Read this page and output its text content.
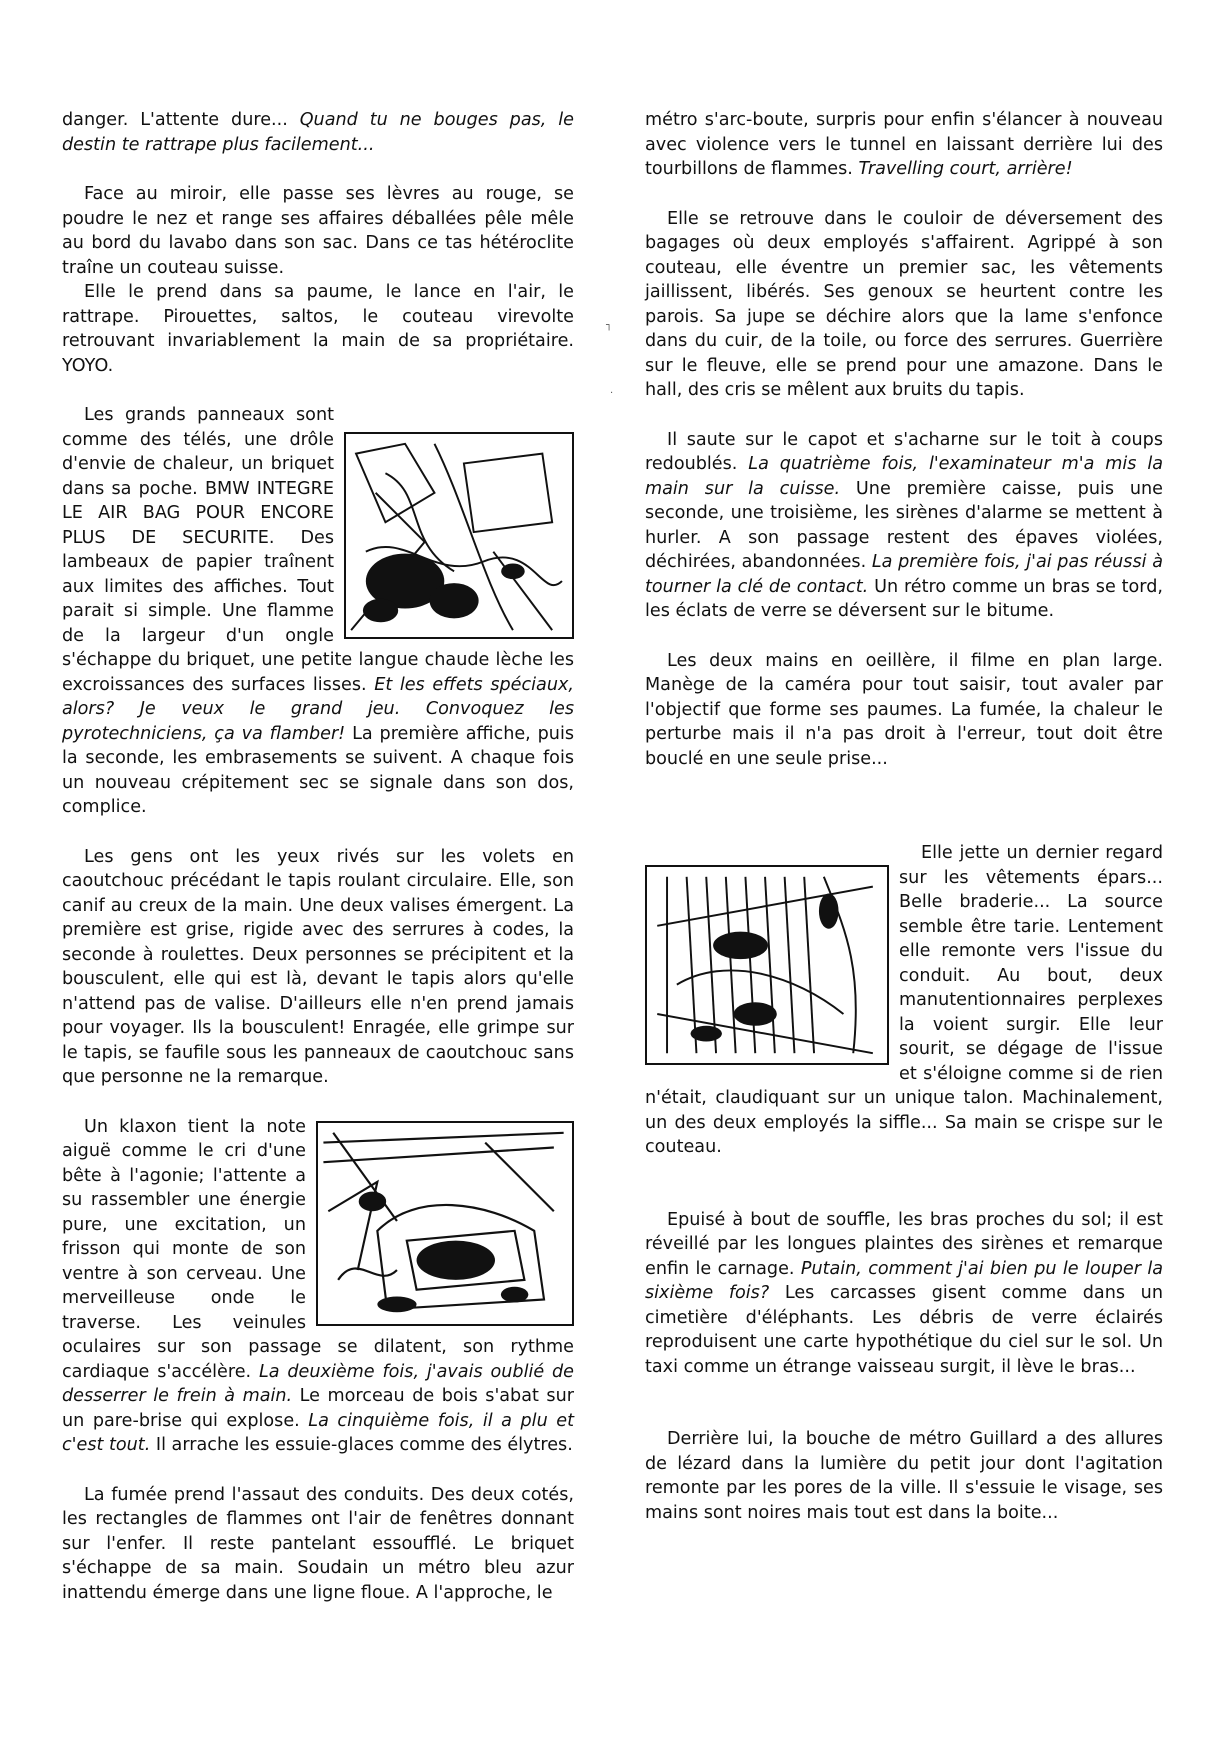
danger. L'attente dure... Quand tu ne bouges pas, le destin te rattrape plus facilement...

Face au miroir, elle passe ses lèvres au rouge, se poudre le nez et range ses affaires déballées pêle mêle au bord du lavabo dans son sac. Dans ce tas hétéroclite traîne un couteau suisse.

Elle le prend dans sa paume, le lance en l'air, le rattrape. Pirouettes, saltos, le couteau virevolte retrouvant invariablement la main de sa propriétaire. YOYO.

Les grands panneaux sont comme des télés, une drôle d'envie de chaleur, un briquet dans sa poche. BMW INTEGRE LE AIR BAG POUR ENCORE PLUS DE SECURITE. Des lambeaux de papier traînent aux limites des affiches. Tout parait si simple. Une flamme de la largeur d'un ongle s'échappe du briquet, une petite langue chaude lèche les excroissances des surfaces lisses. Et les effets spéciaux, alors? Je veux le grand jeu. Convoquez les pyrotechniciens, ça va flamber! La première affiche, puis la seconde, les embrasements se suivent. A chaque fois un nouveau crépitement sec se signale dans son dos, complice.

Les gens ont les yeux rivés sur les volets en caoutchouc précédant le tapis roulant circulaire. Elle, son canif au creux de la main. Une deux valises émergent. La première est grise, rigide avec des serrures à codes, la seconde à roulettes. Deux personnes se précipitent et la bousculent, elle qui est là, devant le tapis alors qu'elle n'attend pas de valise. D'ailleurs elle n'en prend jamais pour voyager. Ils la bousculent! Enragée, elle grimpe sur le tapis, se faufile sous les panneaux de caoutchouc sans que personne ne la remarque.

Un klaxon tient la note aiguë comme le cri d'une bête à l'agonie; l'attente a su rassembler une énergie pure, une excitation, un frisson qui monte de son ventre à son cerveau. Une merveilleuse onde le traverse. Les veinules oculaires sur son passage se dilatent, son rythme cardiaque s'accélère. La deuxième fois, j'avais oublié de desserrer le frein à main. Le morceau de bois s'abat sur un pare-brise qui explose. La cinquième fois, il a plu et c'est tout. Il arrache les essuie-glaces comme des élytres.

La fumée prend l'assaut des conduits. Des deux cotés, les rectangles de flammes ont l'air de fenêtres donnant sur l'enfer. Il reste pantelant essoufflé. Le briquet s'échappe de sa main. Soudain un métro bleu azur inattendu émerge dans une ligne floue. A l'approche, le

métro s'arc-boute, surpris pour enfin s'élancer à nouveau avec violence vers le tunnel en laissant derrière lui des tourbillons de flammes. Travelling court, arrière!

Elle se retrouve dans le couloir de déversement des bagages où deux employés s'affairent. Agrippé à son couteau, elle éventre un premier sac, les vêtements jaillissent, libérés. Ses genoux se heurtent contre les parois. Sa jupe se déchire alors que la lame s'enfonce dans du cuir, de la toile, ou force des serrures. Guerrière sur le fleuve, elle se prend pour une amazone. Dans le hall, des cris se mêlent aux bruits du tapis.

Il saute sur le capot et s'acharne sur le toit à coups redoublés. La quatrième fois, l'examinateur m'a mis la main sur la cuisse. Une première caisse, puis une seconde, une troisième, les sirènes d'alarme se mettent à hurler. A son passage restent des épaves violées, déchirées, abandonnées. La première fois, j'ai pas réussi à tourner la clé de contact. Un rétro comme un bras se tord, les éclats de verre se déversent sur le bitume.

Les deux mains en oeillère, il filme en plan large. Manège de la caméra pour tout saisir, tout avaler par l'objectif que forme ses paumes. La fumée, la chaleur le perturbe mais il n'a pas droit à l'erreur, tout doit être bouclé en une seule prise...

Elle jette un dernier regard sur les vêtements épars... Belle braderie... La source semble être tarie. Lentement elle remonte vers l'issue du conduit. Au bout, deux manutentionnaires perplexes la voient surgir. Elle leur sourit, se dégage de l'issue et s'éloigne comme si de rien n'était, claudiquant sur un unique talon. Machinalement, un des deux employés la siffle... Sa main se crispe sur le couteau.

Epuisé à bout de souffle, les bras proches du sol; il est réveillé par les longues plaintes des sirènes et remarque enfin le carnage. Putain, comment j'ai bien pu le louper la sixième fois? Les carcasses gisent comme dans un cimetière d'éléphants. Les débris de verre éclairés reproduisent une carte hypothétique du ciel sur le sol. Un taxi comme un étrange vaisseau surgit, il lève le bras...

Derrière lui, la bouche de métro Guillard a des allures de lézard dans la lumière du petit jour dont l'agitation remonte par les pores de la ville. Il s'essuie le visage, ses mains sont noires mais tout est dans la boite...

┐
·
